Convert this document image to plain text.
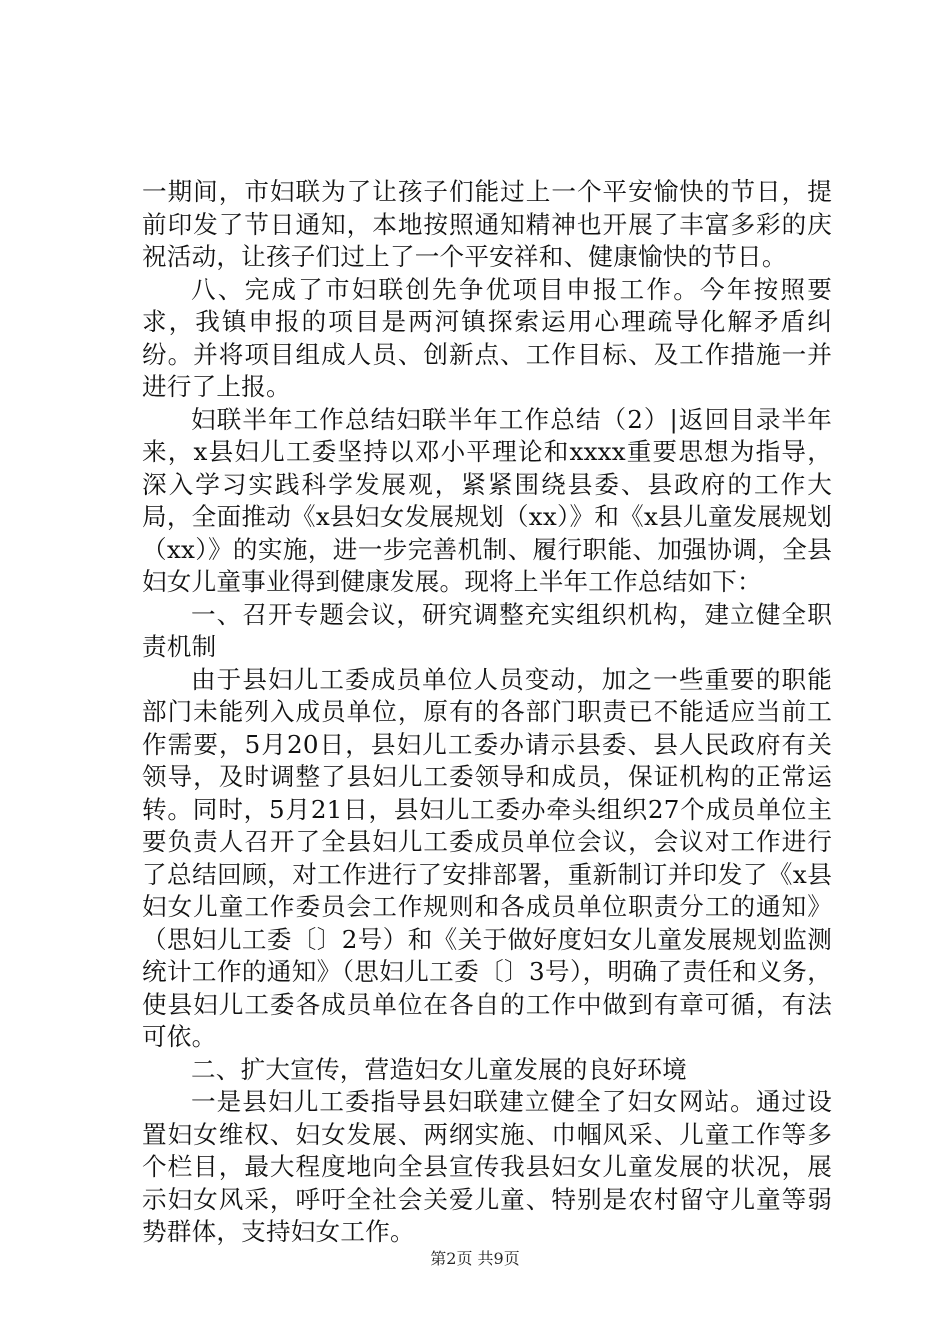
一期间，市妇联为了让孩子们能过上一个平安愉快的节日，提前印发了节日通知，本地按照通知精神也开展了丰富多彩的庆祝活动，让孩子们过上了一个平安祥和、健康愉快的节日。

八、完成了市妇联创先争优项目申报工作。今年按照要求，我镇申报的项目是两河镇探索运用心理疏导化解矛盾纠纷。并将项目组成人员、创新点、工作目标、及工作措施一并进行了上报。

妇联半年工作总结妇联半年工作总结（2）|返回目录半年来，x县妇儿工委坚持以邓小平理论和xxxx重要思想为指导，深入学习实践科学发展观，紧紧围绕县委、县政府的工作大局，全面推动《x县妇女发展规划（xx）》和《x县儿童发展规划（xx）》的实施，进一步完善机制、履行职能、加强协调，全县妇女儿童事业得到健康发展。现将上半年工作总结如下：

一、召开专题会议，研究调整充实组织机构，建立健全职责机制

由于县妇儿工委成员单位人员变动，加之一些重要的职能部门未能列入成员单位，原有的各部门职责已不能适应当前工作需要，5月20日，县妇儿工委办请示县委、县人民政府有关领导，及时调整了县妇儿工委领导和成员，保证机构的正常运转。同时，5月21日，县妇儿工委办牵头组织27个成员单位主要负责人召开了全县妇儿工委成员单位会议，会议对工作进行了总结回顾，对工作进行了安排部署，重新制订并印发了《x县妇女儿童工作委员会工作规则和各成员单位职责分工的通知》（思妇儿工委〔〕2号）和《关于做好度妇女儿童发展规划监测统计工作的通知》（思妇儿工委〔〕3号），明确了责任和义务，使县妇儿工委各成员单位在各自的工作中做到有章可循，有法可依。

二、扩大宣传，营造妇女儿童发展的良好环境

一是县妇儿工委指导县妇联建立健全了妇女网站。通过设置妇女维权、妇女发展、两纲实施、巾帼风采、儿童工作等多个栏目，最大程度地向全县宣传我县妇女儿童发展的状况，展示妇女风采，呼吁全社会关爱儿童、特别是农村留守儿童等弱势群体，支持妇女工作。

第2页 共9页
